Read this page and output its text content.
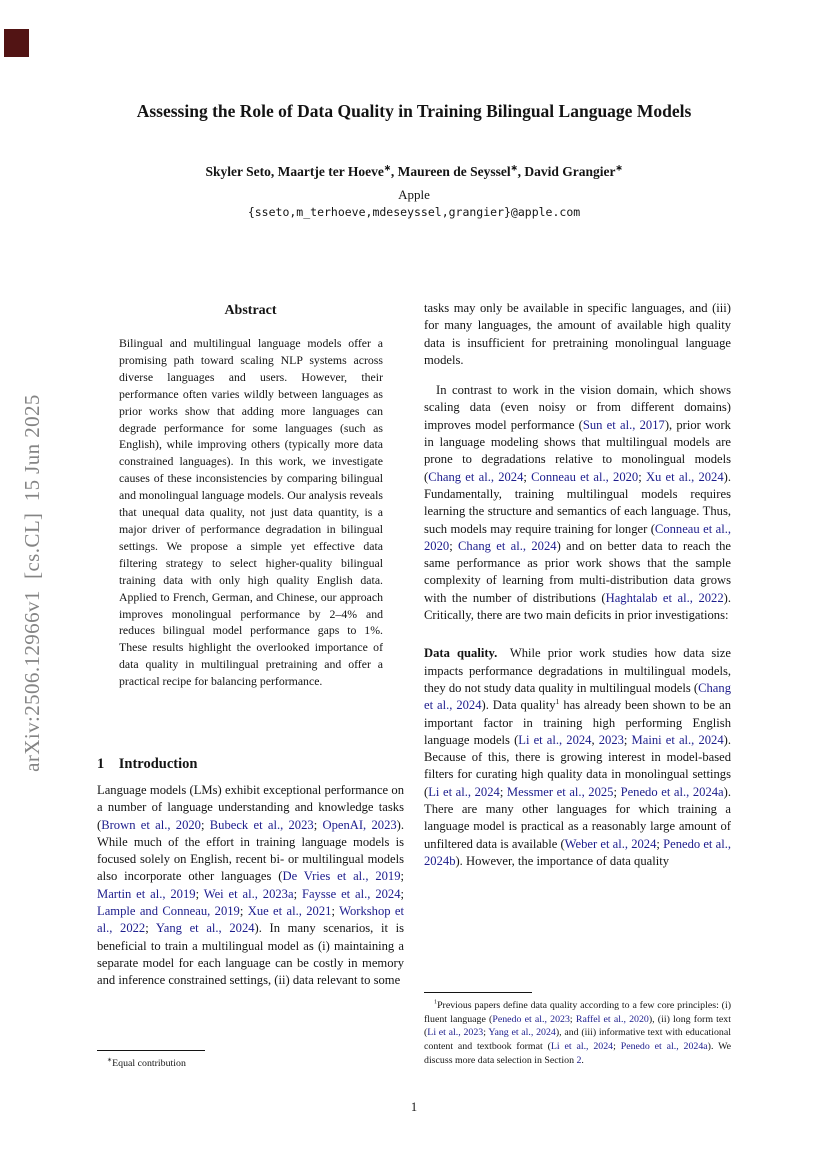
arXiv:2506.12966v1  [cs.CL]  15 Jun 2025
Assessing the Role of Data Quality in Training Bilingual Language Models
Skyler Seto, Maartje ter Hoeve∗, Maureen de Seyssel∗, David Grangier∗
Apple
{sseto,m_terhoeve,mdeseyssel,grangier}@apple.com
Abstract

Bilingual and multilingual language models offer a promising path toward scaling NLP systems across diverse languages and users. However, their performance often varies wildly between languages as prior works show that adding more languages can degrade performance for some languages (such as English), while improving others (typically more data constrained languages). In this work, we investigate causes of these inconsistencies by comparing bilingual and monolingual language models. Our analysis reveals that unequal data quality, not just data quantity, is a major driver of performance degradation in bilingual settings. We propose a simple yet effective data filtering strategy to select higher-quality bilingual training data with only high quality English data. Applied to French, German, and Chinese, our approach improves monolingual performance by 2–4% and reduces bilingual model performance gaps to 1%. These results highlight the overlooked importance of data quality in multilingual pretraining and offer a practical recipe for balancing performance.

1 Introduction

Language models (LMs) exhibit exceptional performance on a number of language understanding and knowledge tasks (Brown et al., 2020; Bubeck et al., 2023; OpenAI, 2023). While much of the effort in training language models is focused solely on English, recent bi- or multilingual models also incorporate other languages (De Vries et al., 2019; Martin et al., 2019; Wei et al., 2023a; Faysse et al., 2024; Lample and Conneau, 2019; Xue et al., 2021; Workshop et al., 2022; Yang et al., 2024). In many scenarios, it is beneficial to train a multilingual model as (i) maintaining a separate model for each language can be costly in memory and inference constrained settings, (ii) data relevant to some

∗Equal contribution

tasks may only be available in specific languages, and (iii) for many languages, the amount of available high quality data is insufficient for pretraining monolingual language models.

In contrast to work in the vision domain, which shows scaling data (even noisy or from different domains) improves model performance (Sun et al., 2017), prior work in language modeling shows that multilingual models are prone to degradations relative to monolingual models (Chang et al., 2024; Conneau et al., 2020; Xu et al., 2024). Fundamentally, training multilingual models requires learning the structure and semantics of each language. Thus, such models may require training for longer (Conneau et al., 2020; Chang et al., 2024) and on better data to reach the same performance as prior work shows that the sample complexity of learning from multi-distribution data grows with the number of distributions (Haghtalab et al., 2022). Critically, there are two main deficits in prior investigations:

Data quality. While prior work studies how data size impacts performance degradations in multilingual models, they do not study data quality in multilingual models (Chang et al., 2024). Data quality$^1$ has already been shown to be an important factor in training high performing English language models (Li et al., 2024, 2023; Maini et al., 2024). Because of this, there is growing interest in model-based filters for curating high quality data in monolingual settings (Li et al., 2024; Messmer et al., 2025; Penedo et al., 2024a). There are many other languages for which training a language model is practical as a reasonably large amount of unfiltered data is available (Weber et al., 2024; Penedo et al., 2024b). However, the importance of data quality

$^1$Previous papers define data quality according to a few core principles: (i) fluent language (Penedo et al., 2023; Raffel et al., 2020), (ii) long form text (Li et al., 2023; Yang et al., 2024), and (iii) informative text with educational content and textbook format (Li et al., 2024; Penedo et al., 2024a). We discuss more data selection in Section 2.

1
